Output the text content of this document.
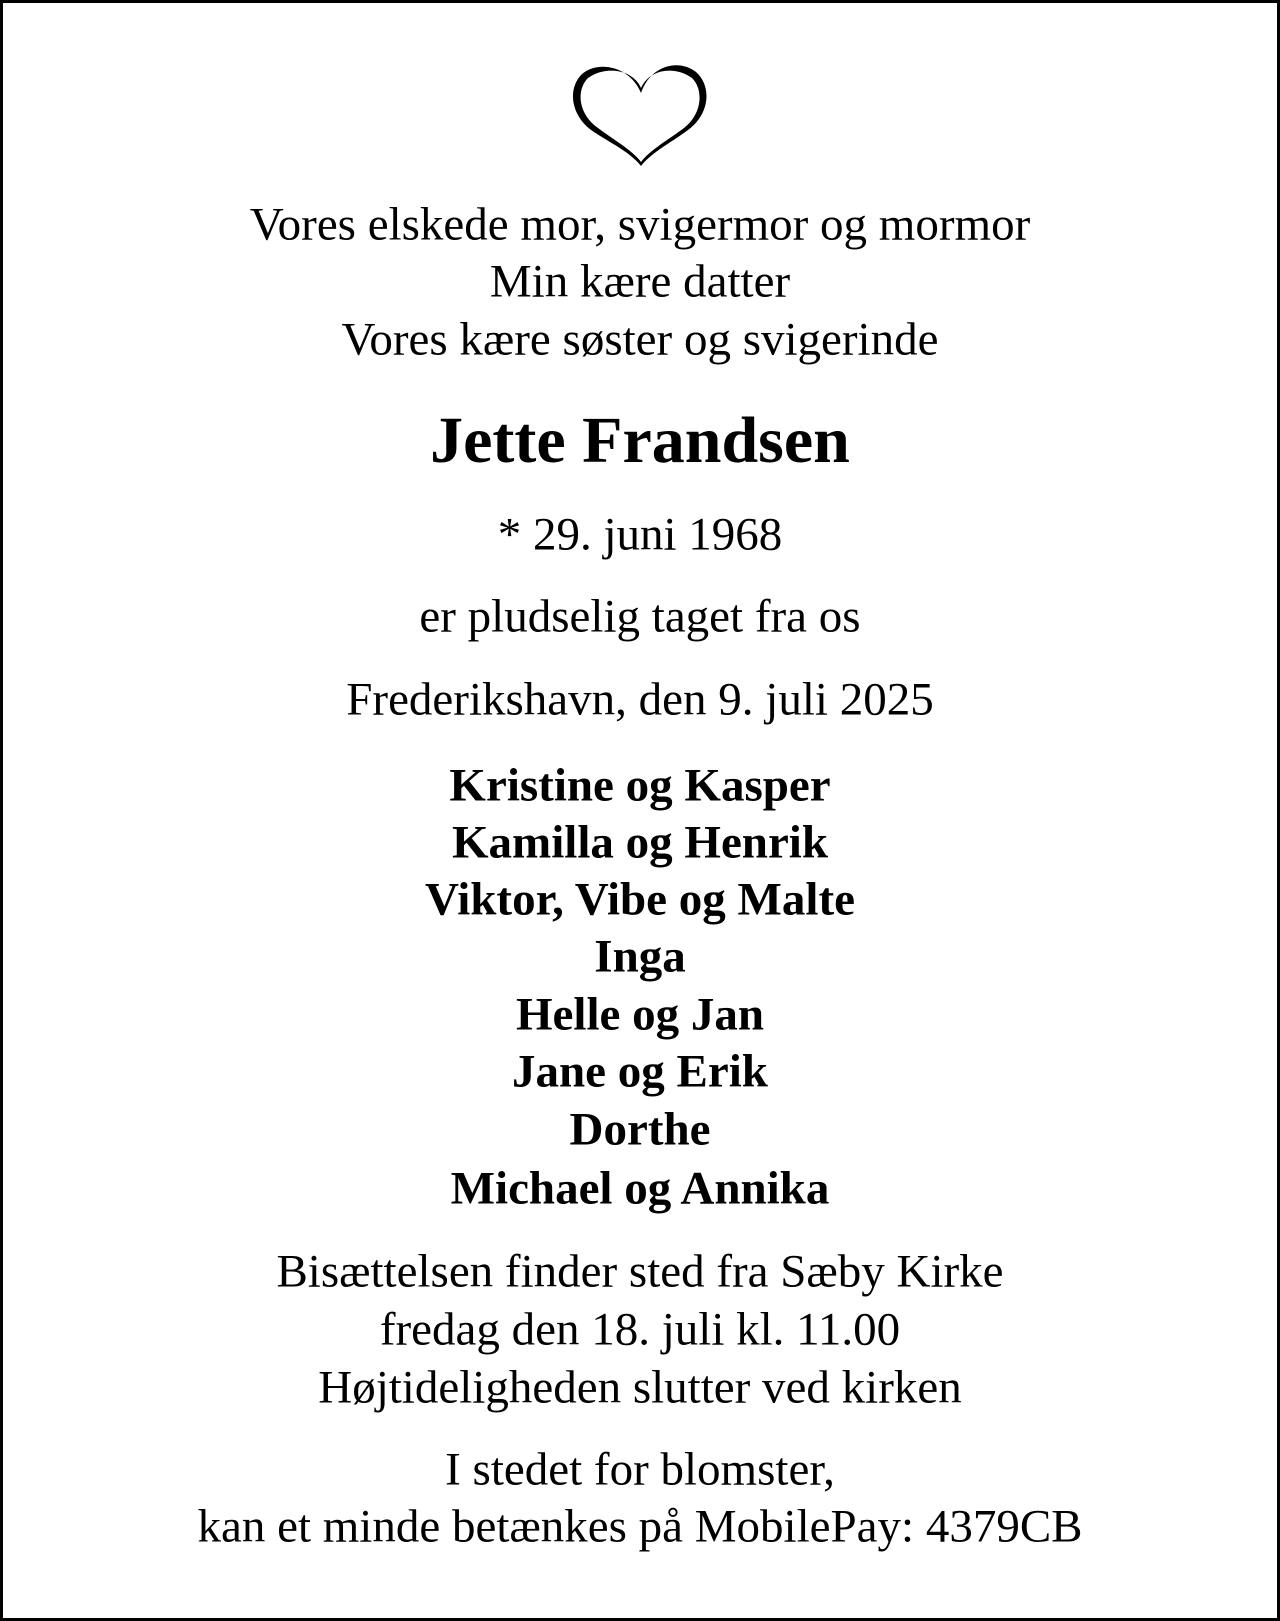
Vores elskede mor, svigermor og mormor
Min kære datter
Vores kære søster og svigerinde
Jette Frandsen
* 29. juni 1968
er pludselig taget fra os
Frederikshavn, den 9. juli 2025
Kristine og Kasper
Kamilla og Henrik
Viktor, Vibe og Malte
Inga
Helle og Jan
Jane og Erik
Dorthe
Michael og Annika
Bisættelsen finder sted fra Sæby Kirke
fredag den 18. juli kl. 11.00
Højtideligheden slutter ved kirken
I stedet for blomster,
kan et minde betænkes på MobilePay: 4379CB
